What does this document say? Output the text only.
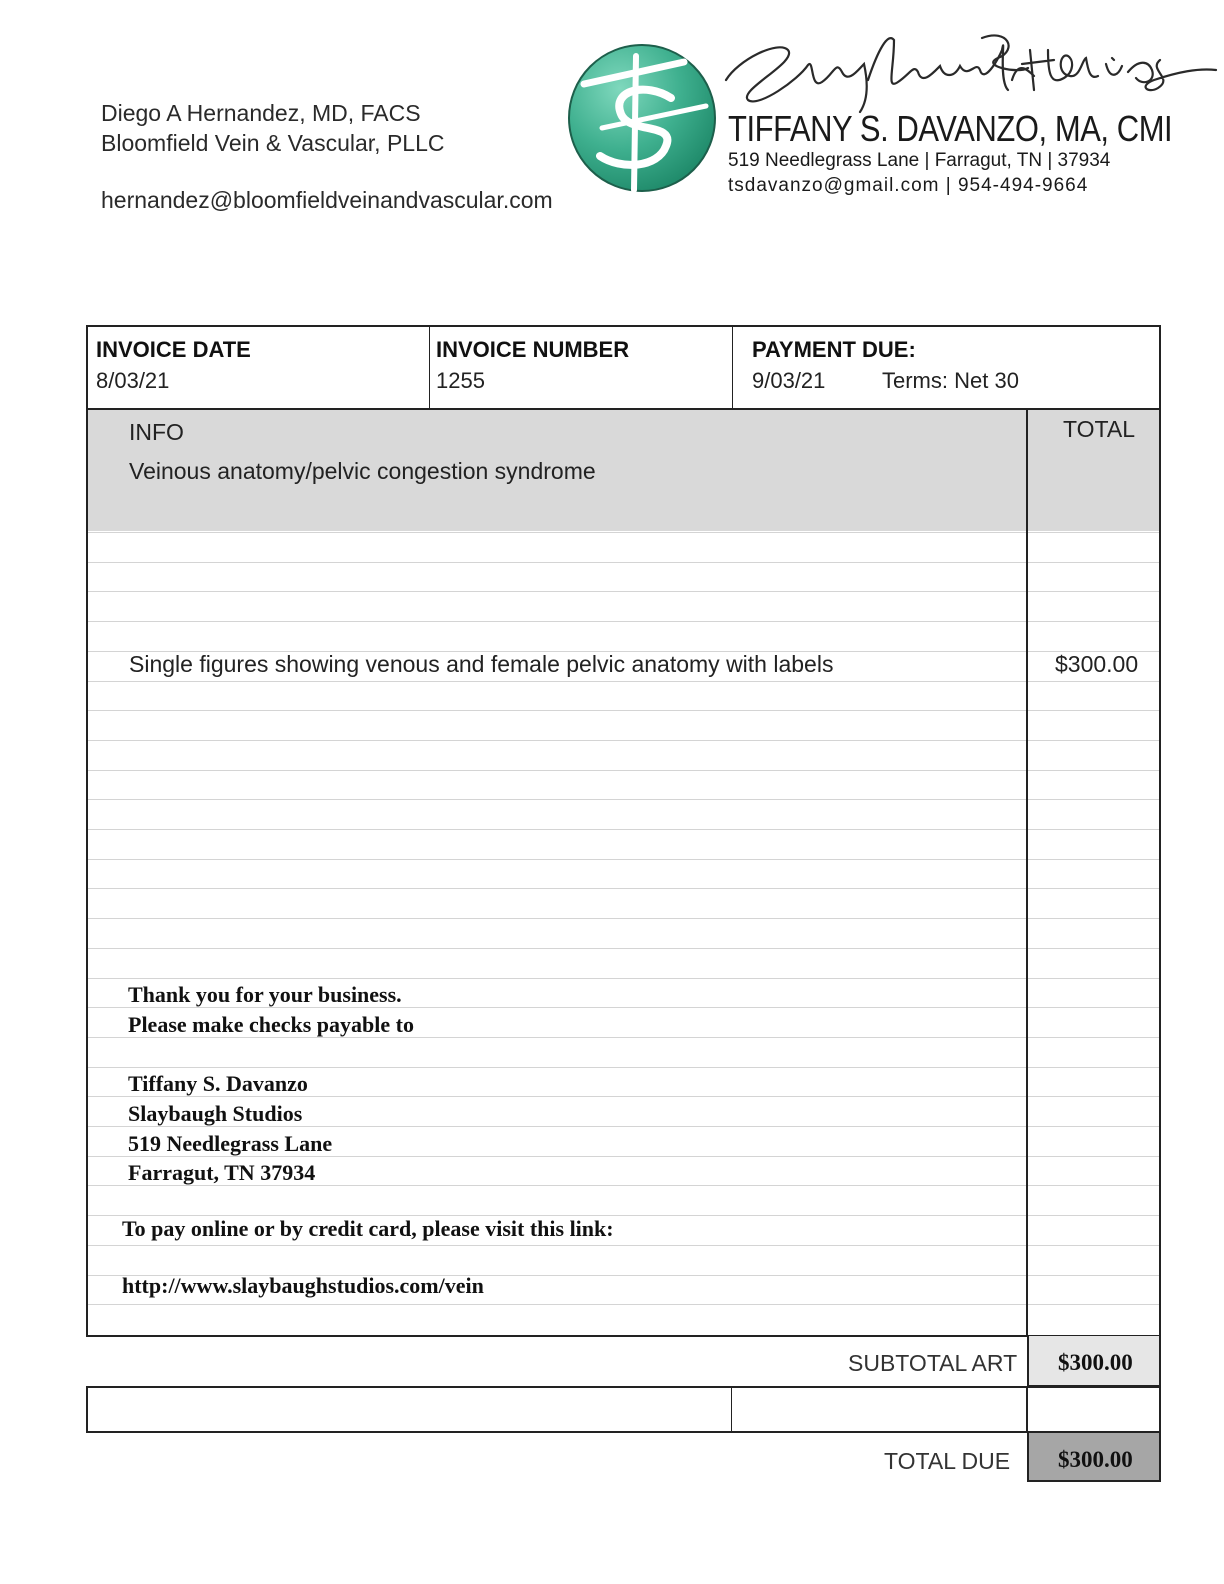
Diego A Hernandez, MD, FACS
Bloomfield Vein & Vascular, PLLC
hernandez@bloomfieldveinandvascular.com
TIFFANY S. DAVANZO, MA, CMI
519 Needlegrass Lane | Farragut, TN | 37934
tsdavanzo@gmail.com | 954-494-9664
INVOICE DATE
8/03/21
INVOICE NUMBER
1255
PAYMENT DUE:
9/03/21	Terms: Net 30
INFO
Veinous anatomy/pelvic congestion syndrome
TOTAL
Single figures showing venous and female pelvic anatomy with labels	$300.00
Thank you for your business.
Please make checks payable to
Tiffany S. Davanzo
Slaybaugh Studios
519 Needlegrass Lane
Farragut, TN 37934
To pay online or by credit card, please visit this link:
http://www.slaybaughstudios.com/vein
SUBTOTAL ART $300.00
TOTAL DUE $300.00
